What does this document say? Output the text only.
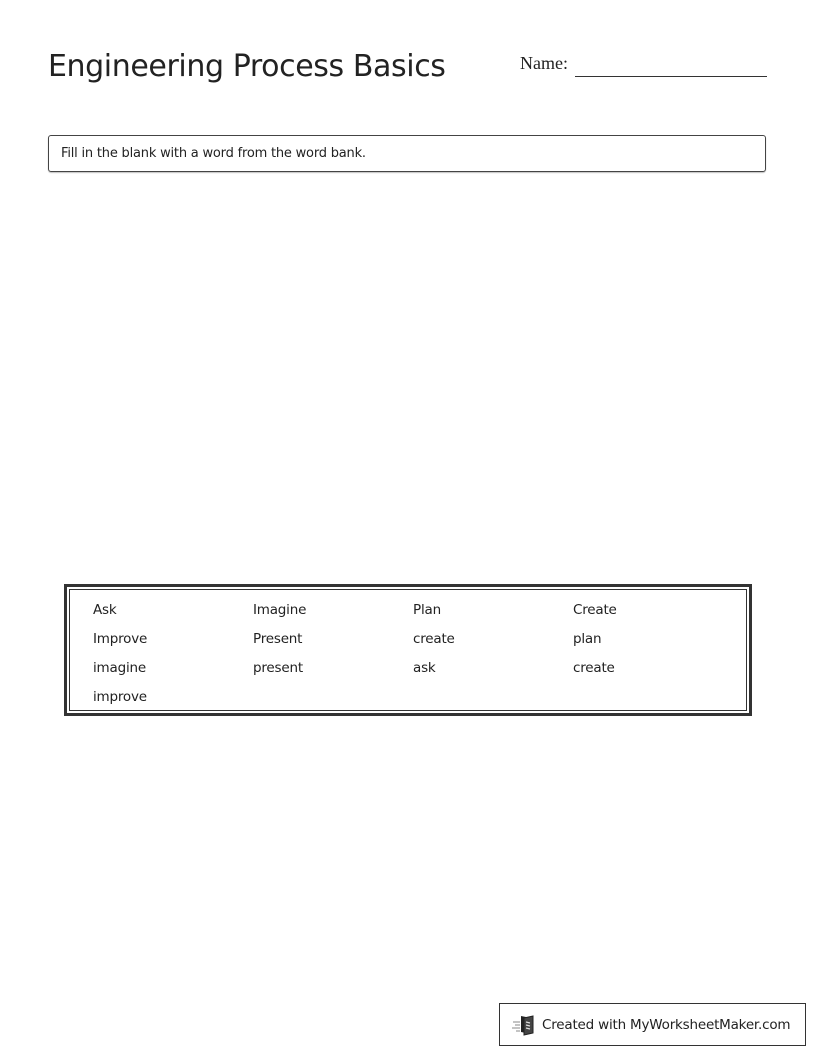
Engineering Process Basics	Name:
Fill in the blank with a word from the word bank.
Ask	Imagine	Plan	Create
Improve	Present	create	plan
imagine	present	ask	create
improve
Created with MyWorksheetMaker.com
